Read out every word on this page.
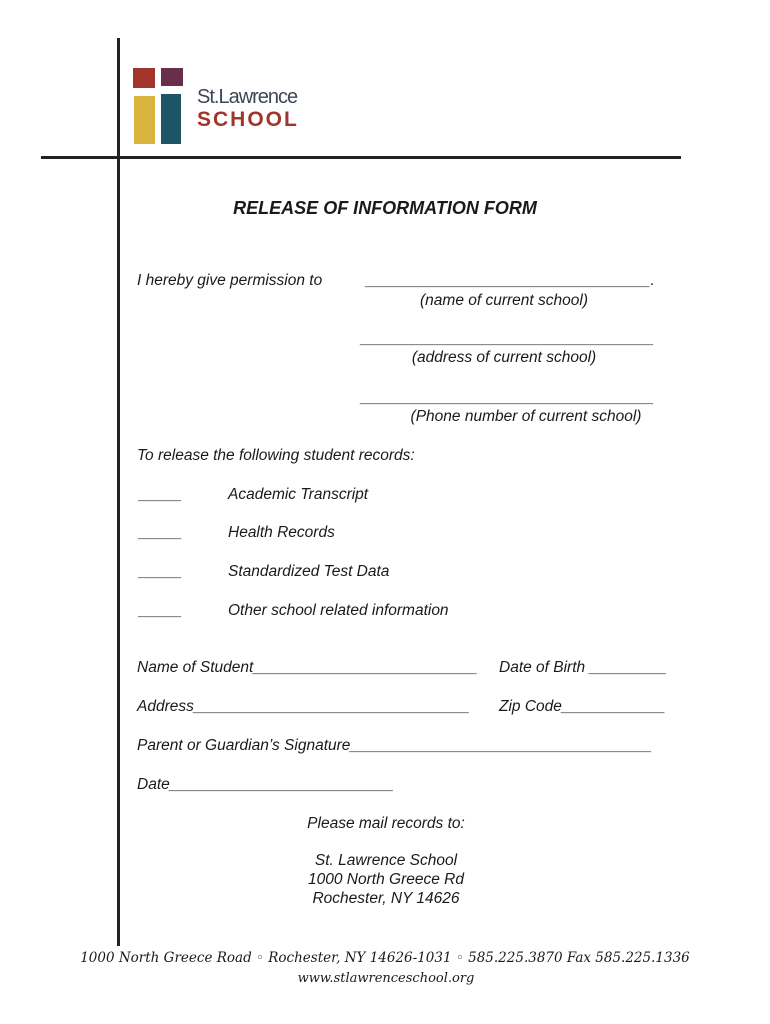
St.Lawrence
SCHOOL
RELEASE OF INFORMATION FORM
I hereby give permission to	_________________________________.
(name of current school)
__________________________________
(address of current school)
__________________________________
(Phone number of current school)
To release the following student records:
_____	Academic Transcript
_____	Health Records
_____	Standardized Test Data
_____	Other school related information
Name of Student__________________________ Date of Birth _________
Address________________________________ Zip Code____________
Parent or Guardian’s Signature___________________________________
Date__________________________
Please mail records to:
St. Lawrence School
1000 North Greece Rd
Rochester, NY 14626
1000 North Greece Road ◦ Rochester, NY 14626-1031 ◦ 585.225.3870 Fax 585.225.1336
www.stlawrenceschool.org
